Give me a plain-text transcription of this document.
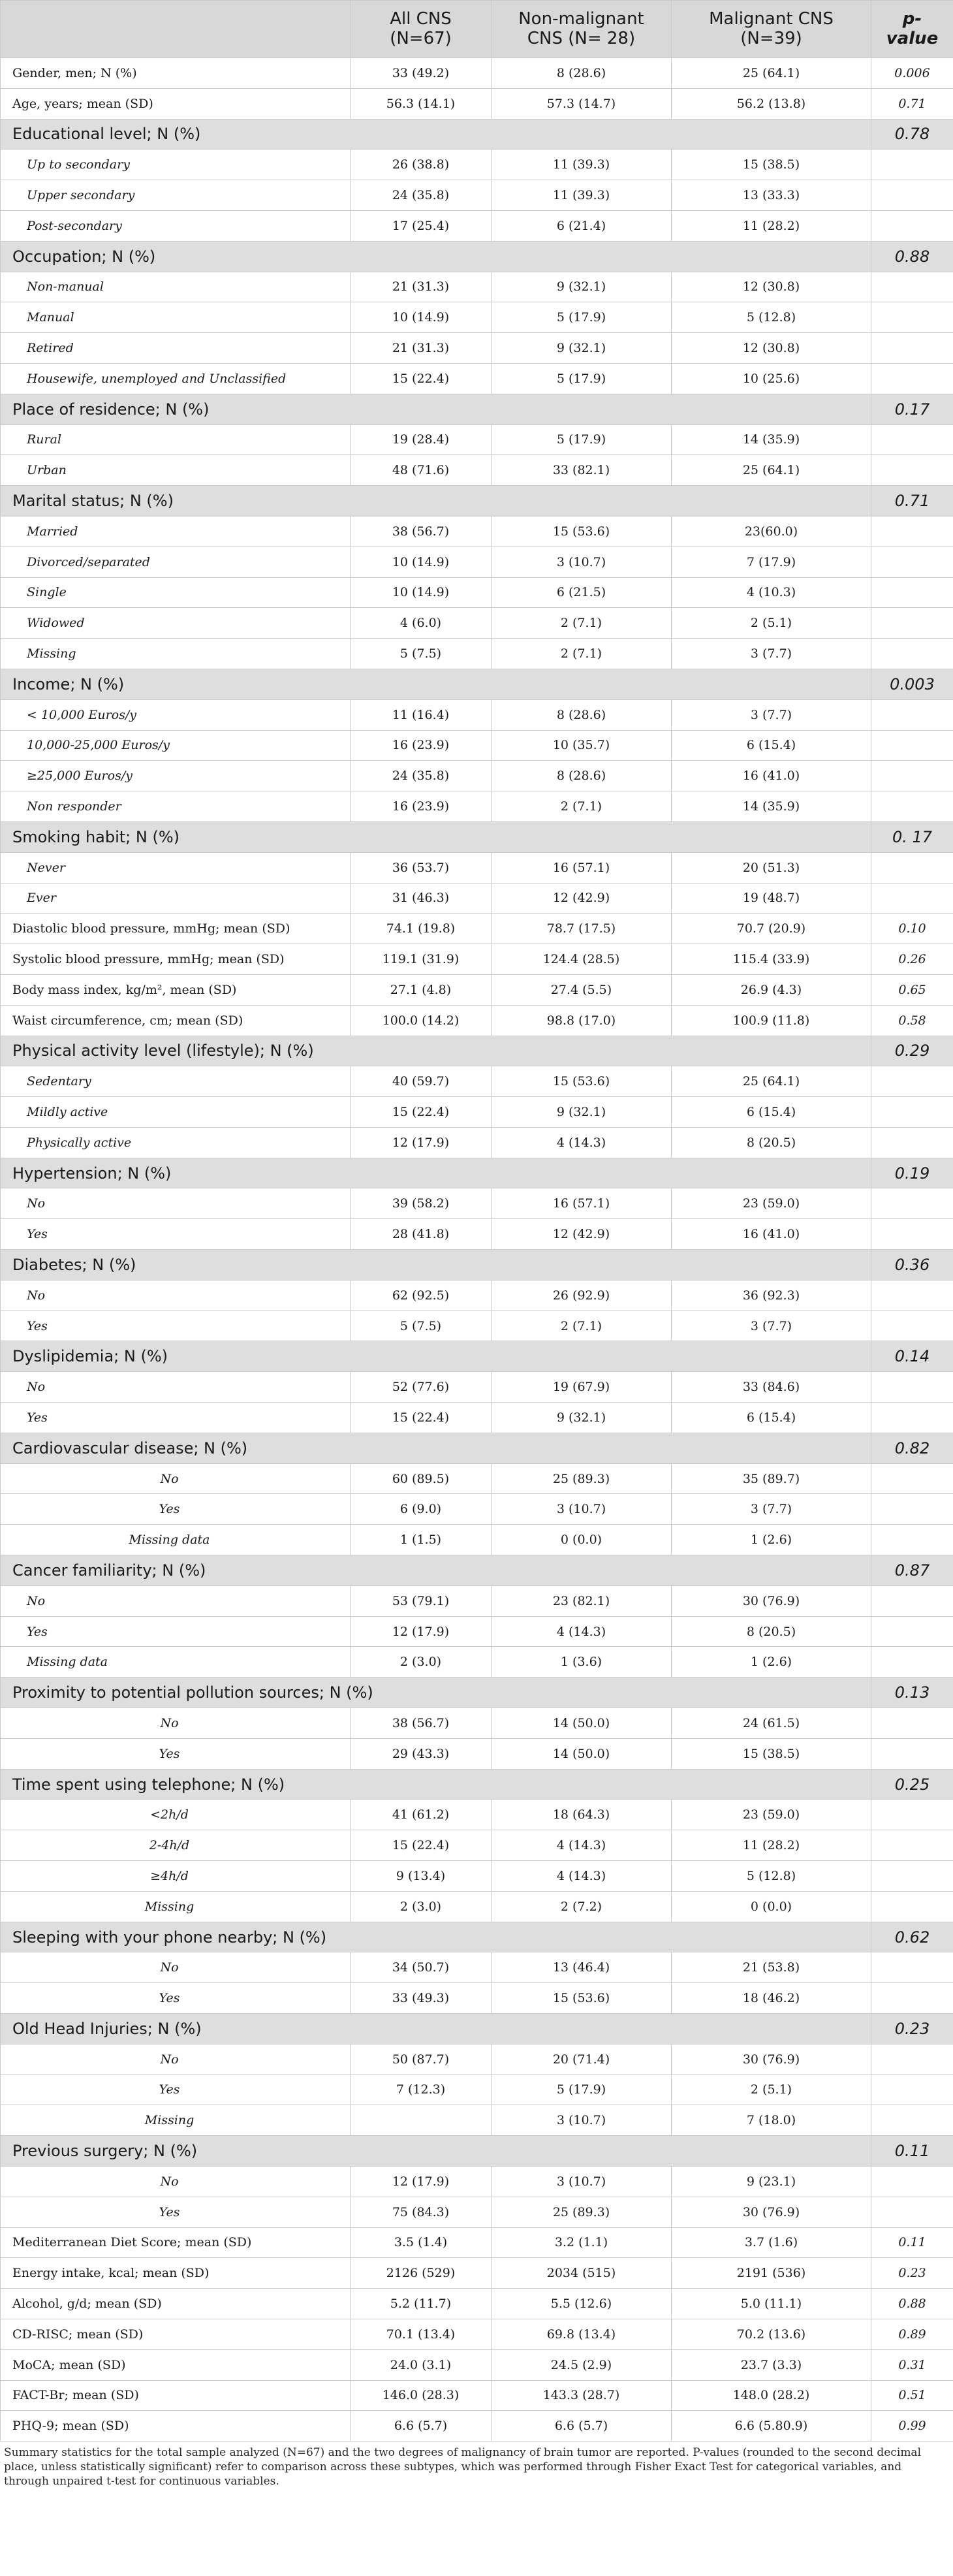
	All CNS (N=67)	Non-malignant CNS (N= 28)	Malignant CNS (N=39)	p-value
Gender, men; N (%)	33 (49.2)	8 (28.6)	25 (64.1)	0.006
Age, years; mean (SD)	56.3 (14.1)	57.3 (14.7)	56.2 (13.8)	0.71
Educational level; N (%)				0.78
Up to secondary	26 (38.8)	11 (39.3)	15 (38.5)	
Upper secondary	24 (35.8)	11 (39.3)	13 (33.3)	
Post-secondary	17 (25.4)	6 (21.4)	11 (28.2)	
Occupation; N (%)				0.88
Non-manual	21 (31.3)	9 (32.1)	12 (30.8)	
Manual	10 (14.9)	5 (17.9)	5 (12.8)	
Retired	21 (31.3)	9 (32.1)	12 (30.8)	
Housewife, unemployed and Unclassified	15 (22.4)	5 (17.9)	10 (25.6)	
Place of residence; N (%)				0.17
Rural	19 (28.4)	5 (17.9)	14 (35.9)	
Urban	48 (71.6)	33 (82.1)	25 (64.1)	
Marital status; N (%)				0.71
Married	38 (56.7)	15 (53.6)	23(60.0)	
Divorced/separated	10 (14.9)	3 (10.7)	7 (17.9)	
Single	10 (14.9)	6 (21.5)	4 (10.3)	
Widowed	4 (6.0)	2 (7.1)	2 (5.1)	
Missing	5 (7.5)	2 (7.1)	3 (7.7)	
Income; N (%)				0.003
< 10,000 Euros/y	11 (16.4)	8 (28.6)	3 (7.7)	
10,000-25,000 Euros/y	16 (23.9)	10 (35.7)	6 (15.4)	
≥25,000 Euros/y	24 (35.8)	8 (28.6)	16 (41.0)	
Non responder	16 (23.9)	2 (7.1)	14 (35.9)	
Smoking habit; N (%)				0. 17
Never	36 (53.7)	16 (57.1)	20 (51.3)	
Ever	31 (46.3)	12 (42.9)	19 (48.7)	
Diastolic blood pressure, mmHg; mean (SD)	74.1 (19.8)	78.7 (17.5)	70.7 (20.9)	0.10
Systolic blood pressure, mmHg; mean (SD)	119.1 (31.9)	124.4 (28.5)	115.4 (33.9)	0.26
Body mass index, kg/m², mean (SD)	27.1 (4.8)	27.4 (5.5)	26.9 (4.3)	0.65
Waist circumference, cm; mean (SD)	100.0 (14.2)	98.8 (17.0)	100.9 (11.8)	0.58
Physical activity level (lifestyle); N (%)				0.29
Sedentary	40 (59.7)	15 (53.6)	25 (64.1)	
Mildly active	15 (22.4)	9 (32.1)	6 (15.4)	
Physically active	12 (17.9)	4 (14.3)	8 (20.5)	
Hypertension; N (%)				0.19
No	39 (58.2)	16 (57.1)	23 (59.0)	
Yes	28 (41.8)	12 (42.9)	16 (41.0)	
Diabetes; N (%)				0.36
No	62 (92.5)	26 (92.9)	36 (92.3)	
Yes	5 (7.5)	2 (7.1)	3 (7.7)	
Dyslipidemia; N (%)				0.14
No	52 (77.6)	19 (67.9)	33 (84.6)	
Yes	15 (22.4)	9 (32.1)	6 (15.4)	
Cardiovascular disease; N (%)				0.82
No	60 (89.5)	25 (89.3)	35 (89.7)	
Yes	6 (9.0)	3 (10.7)	3 (7.7)	
Missing data	1 (1.5)	0 (0.0)	1 (2.6)	
Cancer familiarity; N (%)				0.87
No	53 (79.1)	23 (82.1)	30 (76.9)	
Yes	12 (17.9)	4 (14.3)	8 (20.5)	
Missing data	2 (3.0)	1 (3.6)	1 (2.6)	
Proximity to potential pollution sources; N (%)				0.13
No	38 (56.7)	14 (50.0)	24 (61.5)	
Yes	29 (43.3)	14 (50.0)	15 (38.5)	
Time spent using telephone; N (%)				0.25
<2h/d	41 (61.2)	18 (64.3)	23 (59.0)	
2-4h/d	15 (22.4)	4 (14.3)	11 (28.2)	
≥4h/d	9 (13.4)	4 (14.3)	5 (12.8)	
Missing	2 (3.0)	2 (7.2)	0 (0.0)	
Sleeping with your phone nearby; N (%)				0.62
No	34 (50.7)	13 (46.4)	21 (53.8)	
Yes	33 (49.3)	15 (53.6)	18 (46.2)	
Old Head Injuries; N (%)				0.23
No	50 (87.7)	20 (71.4)	30 (76.9)	
Yes	7 (12.3)	5 (17.9)	2 (5.1)	
Missing		3 (10.7)	7 (18.0)	
Previous surgery; N (%)				0.11
No	12 (17.9)	3 (10.7)	9 (23.1)	
Yes	75 (84.3)	25 (89.3)	30 (76.9)	
Mediterranean Diet Score; mean (SD)	3.5 (1.4)	3.2 (1.1)	3.7 (1.6)	0.11
Energy intake, kcal; mean (SD)	2126 (529)	2034 (515)	2191 (536)	0.23
Alcohol, g/d; mean (SD)	5.2 (11.7)	5.5 (12.6)	5.0 (11.1)	0.88
CD-RISC; mean (SD)	70.1 (13.4)	69.8 (13.4)	70.2 (13.6)	0.89
MoCA; mean (SD)	24.0 (3.1)	24.5 (2.9)	23.7 (3.3)	0.31
FACT-Br; mean (SD)	146.0 (28.3)	143.3 (28.7)	148.0 (28.2)	0.51
PHQ-9; mean (SD)	6.6 (5.7)	6.6 (5.7)	6.6 (5.80.9)	0.99
Summary statistics for the total sample analyzed (N=67) and the two degrees of malignancy of brain tumor are reported. P-values (rounded to the second decimal place, unless statistically significant) refer to comparison across these subtypes, which was performed through Fisher Exact Test for categorical variables, and through unpaired t-test for continuous variables.
